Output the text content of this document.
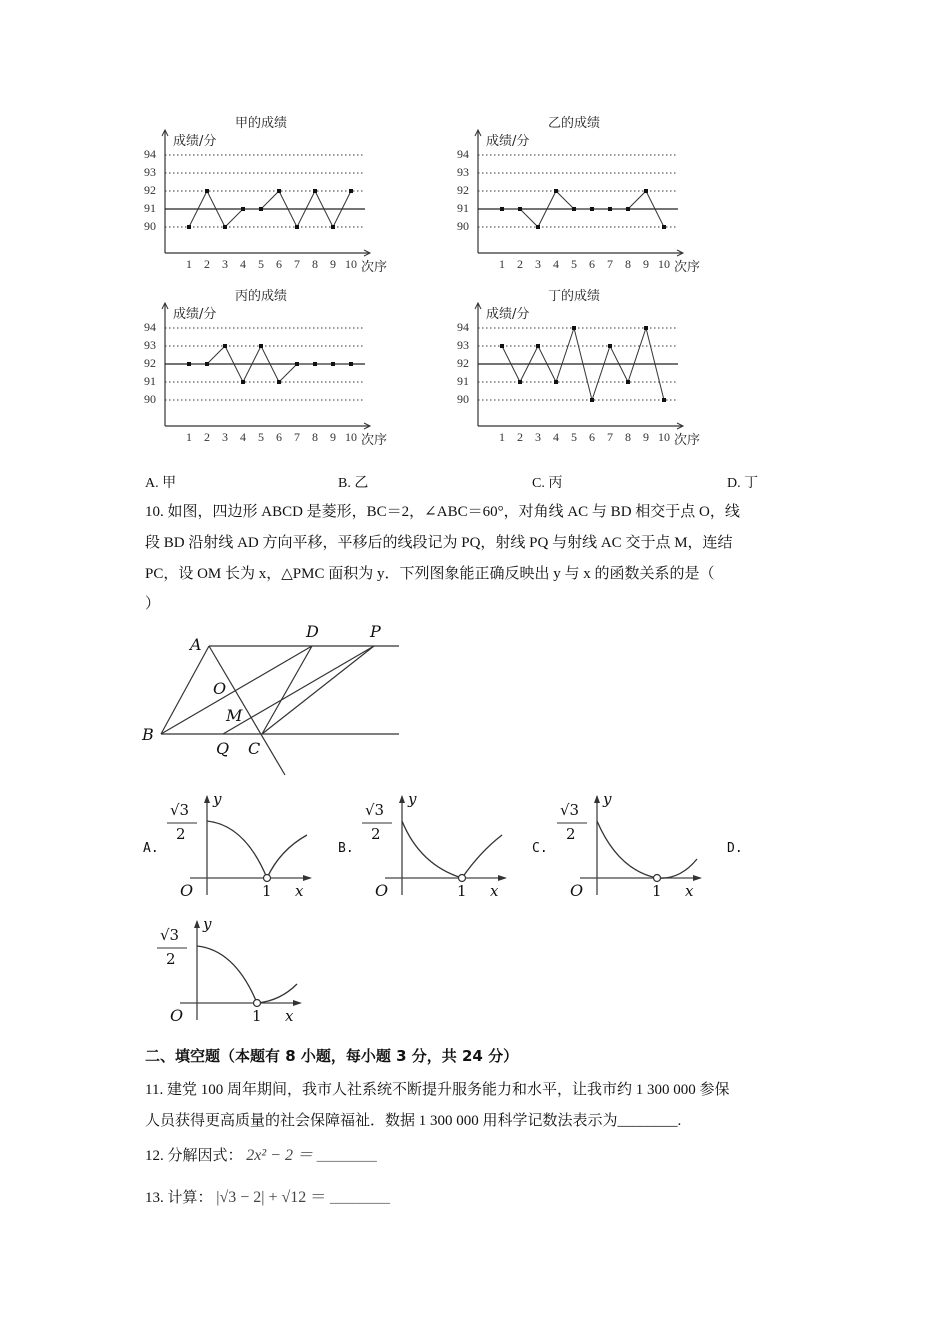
甲的成绩
成绩/分
94
93
92
91
90
1	2	3	4	5	6	7	8	9 10 次序
乙的成绩
成绩/分
94
93
92
91
90
1	2	3	4	5	6	7	8	9 10 次序
丙的成绩
成绩/分
94
93
92
91
90
1	2	3	4	5	6	7	8	9 10 次序
丁的成绩
成绩/分
94
93
92
91
90
1	2	3	4	5	6	7	8	9 10 次序
A. 甲	B. 乙	C. 丙	D. 丁
10. 如图，四边形 ABCD 是菱形，BC＝2，∠ABC＝60°，对角线 AC 与 BD 相交于点 O，线
段 BD 沿射线 AD 方向平移，平移后的线段记为 PQ，射线 PQ 与射线 AC 交于点 M，连结
PC，设 OM 长为 x，△PMC 面积为 y．下列图象能正确反映出 y 与 x 的函数关系的是（
）
A
D	P
O
M
B
Q C
A.	B.	C.	D.
√3
2
y
O	1 x
√3
2
y
O	1 x
√3
2
y
O	1 x
√3
2
y
O	1 x
二、填空题（本题有 8 小题，每小题 3 分，共 24 分）
11. 建党 100 周年期间，我市人社系统不断提升服务能力和水平，让我市约 1 300 000 参保
人员获得更高质量的社会保障福祉．数据 1 300 000 用科学记数法表示为________.
12. 分解因式： 2x² − 2 ＝ ________
13. 计算： |√3 − 2| + √12 ＝ ________
